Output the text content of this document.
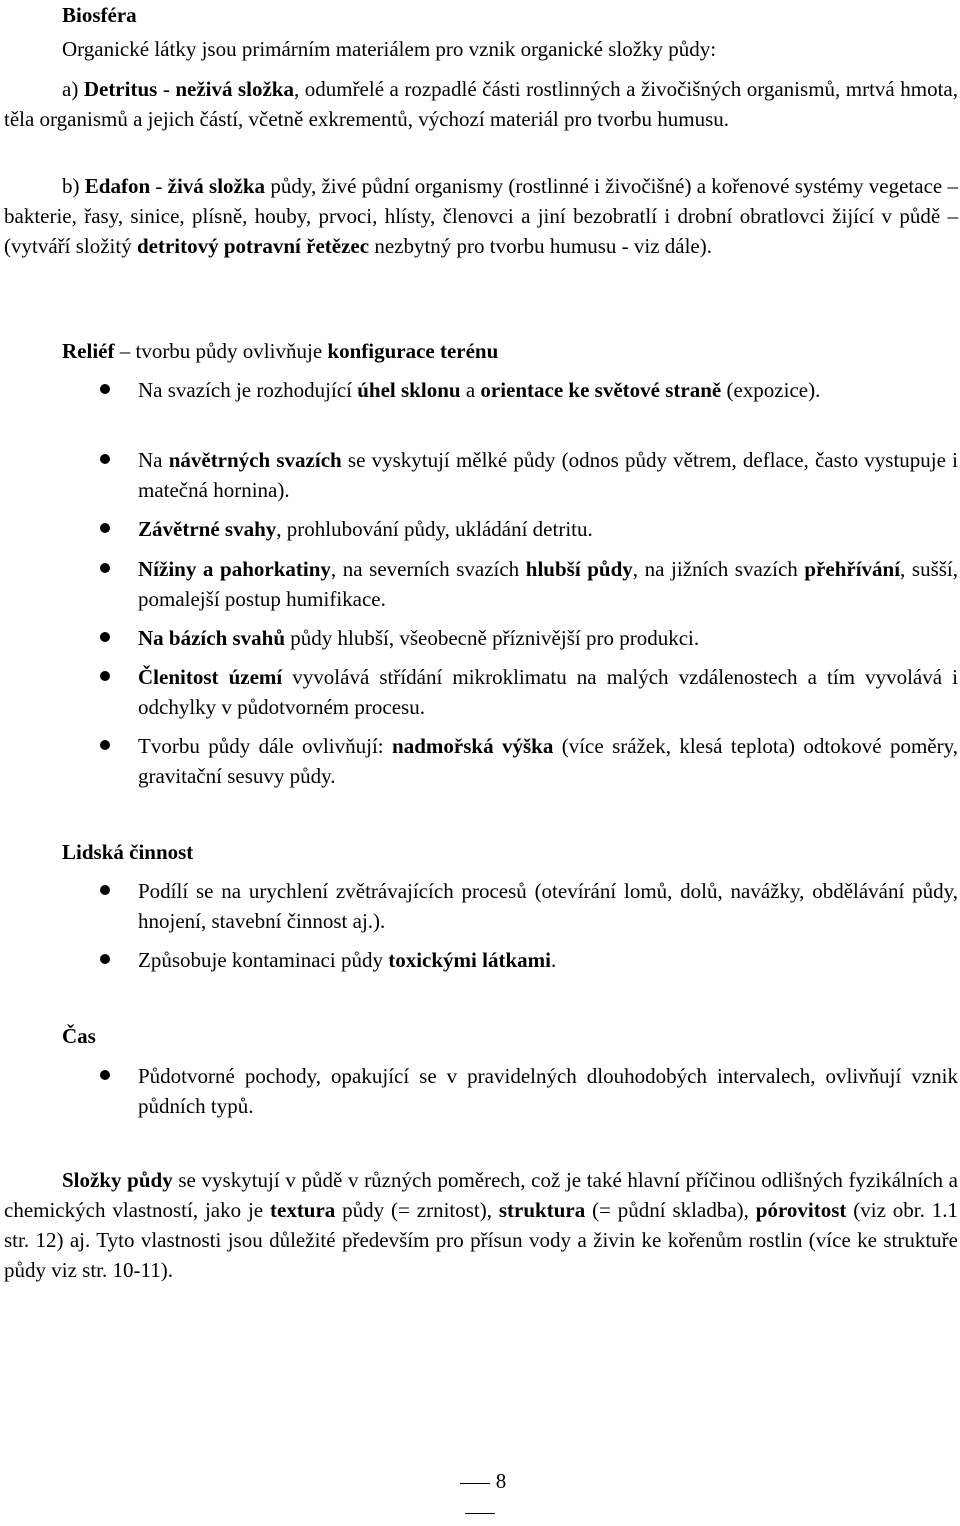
Biosféra
Organické látky jsou primárním materiálem pro vznik organické složky půdy:
a) Detritus - neživá složka, odumřelé a rozpadlé části rostlinných a živočišných organismů, mrtvá hmota, těla organismů a jejich částí, včetně exkrementů, výchozí materiál pro tvorbu humusu.
b) Edafon - živá složka půdy, živé půdní organismy (rostlinné i živočišné) a kořenové systémy vegetace – bakterie, řasy, sinice, plísně, houby, prvoci, hlísty, členovci a jiní bezobratlí i drobní obratlovci žijící v půdě – (vytváří složitý detritový potravní řetězec nezbytný pro tvorbu humusu - viz dále).
Reliéf – tvorbu půdy ovlivňuje konfigurace terénu
Na svazích je rozhodující úhel sklonu a orientace ke světové straně (expozice).
Na návětrných svazích se vyskytují mělké půdy (odnos půdy větrem, deflace, často vystupuje i matečná hornina).
Závětrné svahy, prohlubování půdy, ukládání detritu.
Nížiny a pahorkatiny, na severních svazích hlubší půdy, na jižních svazích přehřívání, sušší, pomalejší postup humifikace.
Na bázích svahů půdy hlubší, všeobecně příznivější pro produkci.
Členitost území vyvolává střídání mikroklimatu na malých vzdálenostech a tím vyvolává i odchylky v půdotvorném procesu.
Tvorbu půdy dále ovlivňují: nadmořská výška (více srážek, klesá teplota) odtokové poměry, gravitační sesuvy půdy.
Lidská činnost
Podílí se na urychlení zvětrávajících procesů (otevírání lomů, dolů, navážky, obdělávání půdy, hnojení, stavební činnost aj.).
Způsobuje kontaminaci půdy toxickými látkami.
Čas
Půdotvorné pochody, opakující se v pravidelných dlouhodobých intervalech, ovlivňují vznik půdních typů.
Složky půdy se vyskytují v půdě v různých poměrech, což je také hlavní příčinou odlišných fyzikálních a chemických vlastností, jako je textura půdy (= zrnitost), struktura (= půdní skladba), pórovitost (viz obr. 1.1 str. 12) aj. Tyto vlastnosti jsou důležité především pro přísun vody a živin ke kořenům rostlin (více ke struktuře půdy viz str. 10-11).
8
